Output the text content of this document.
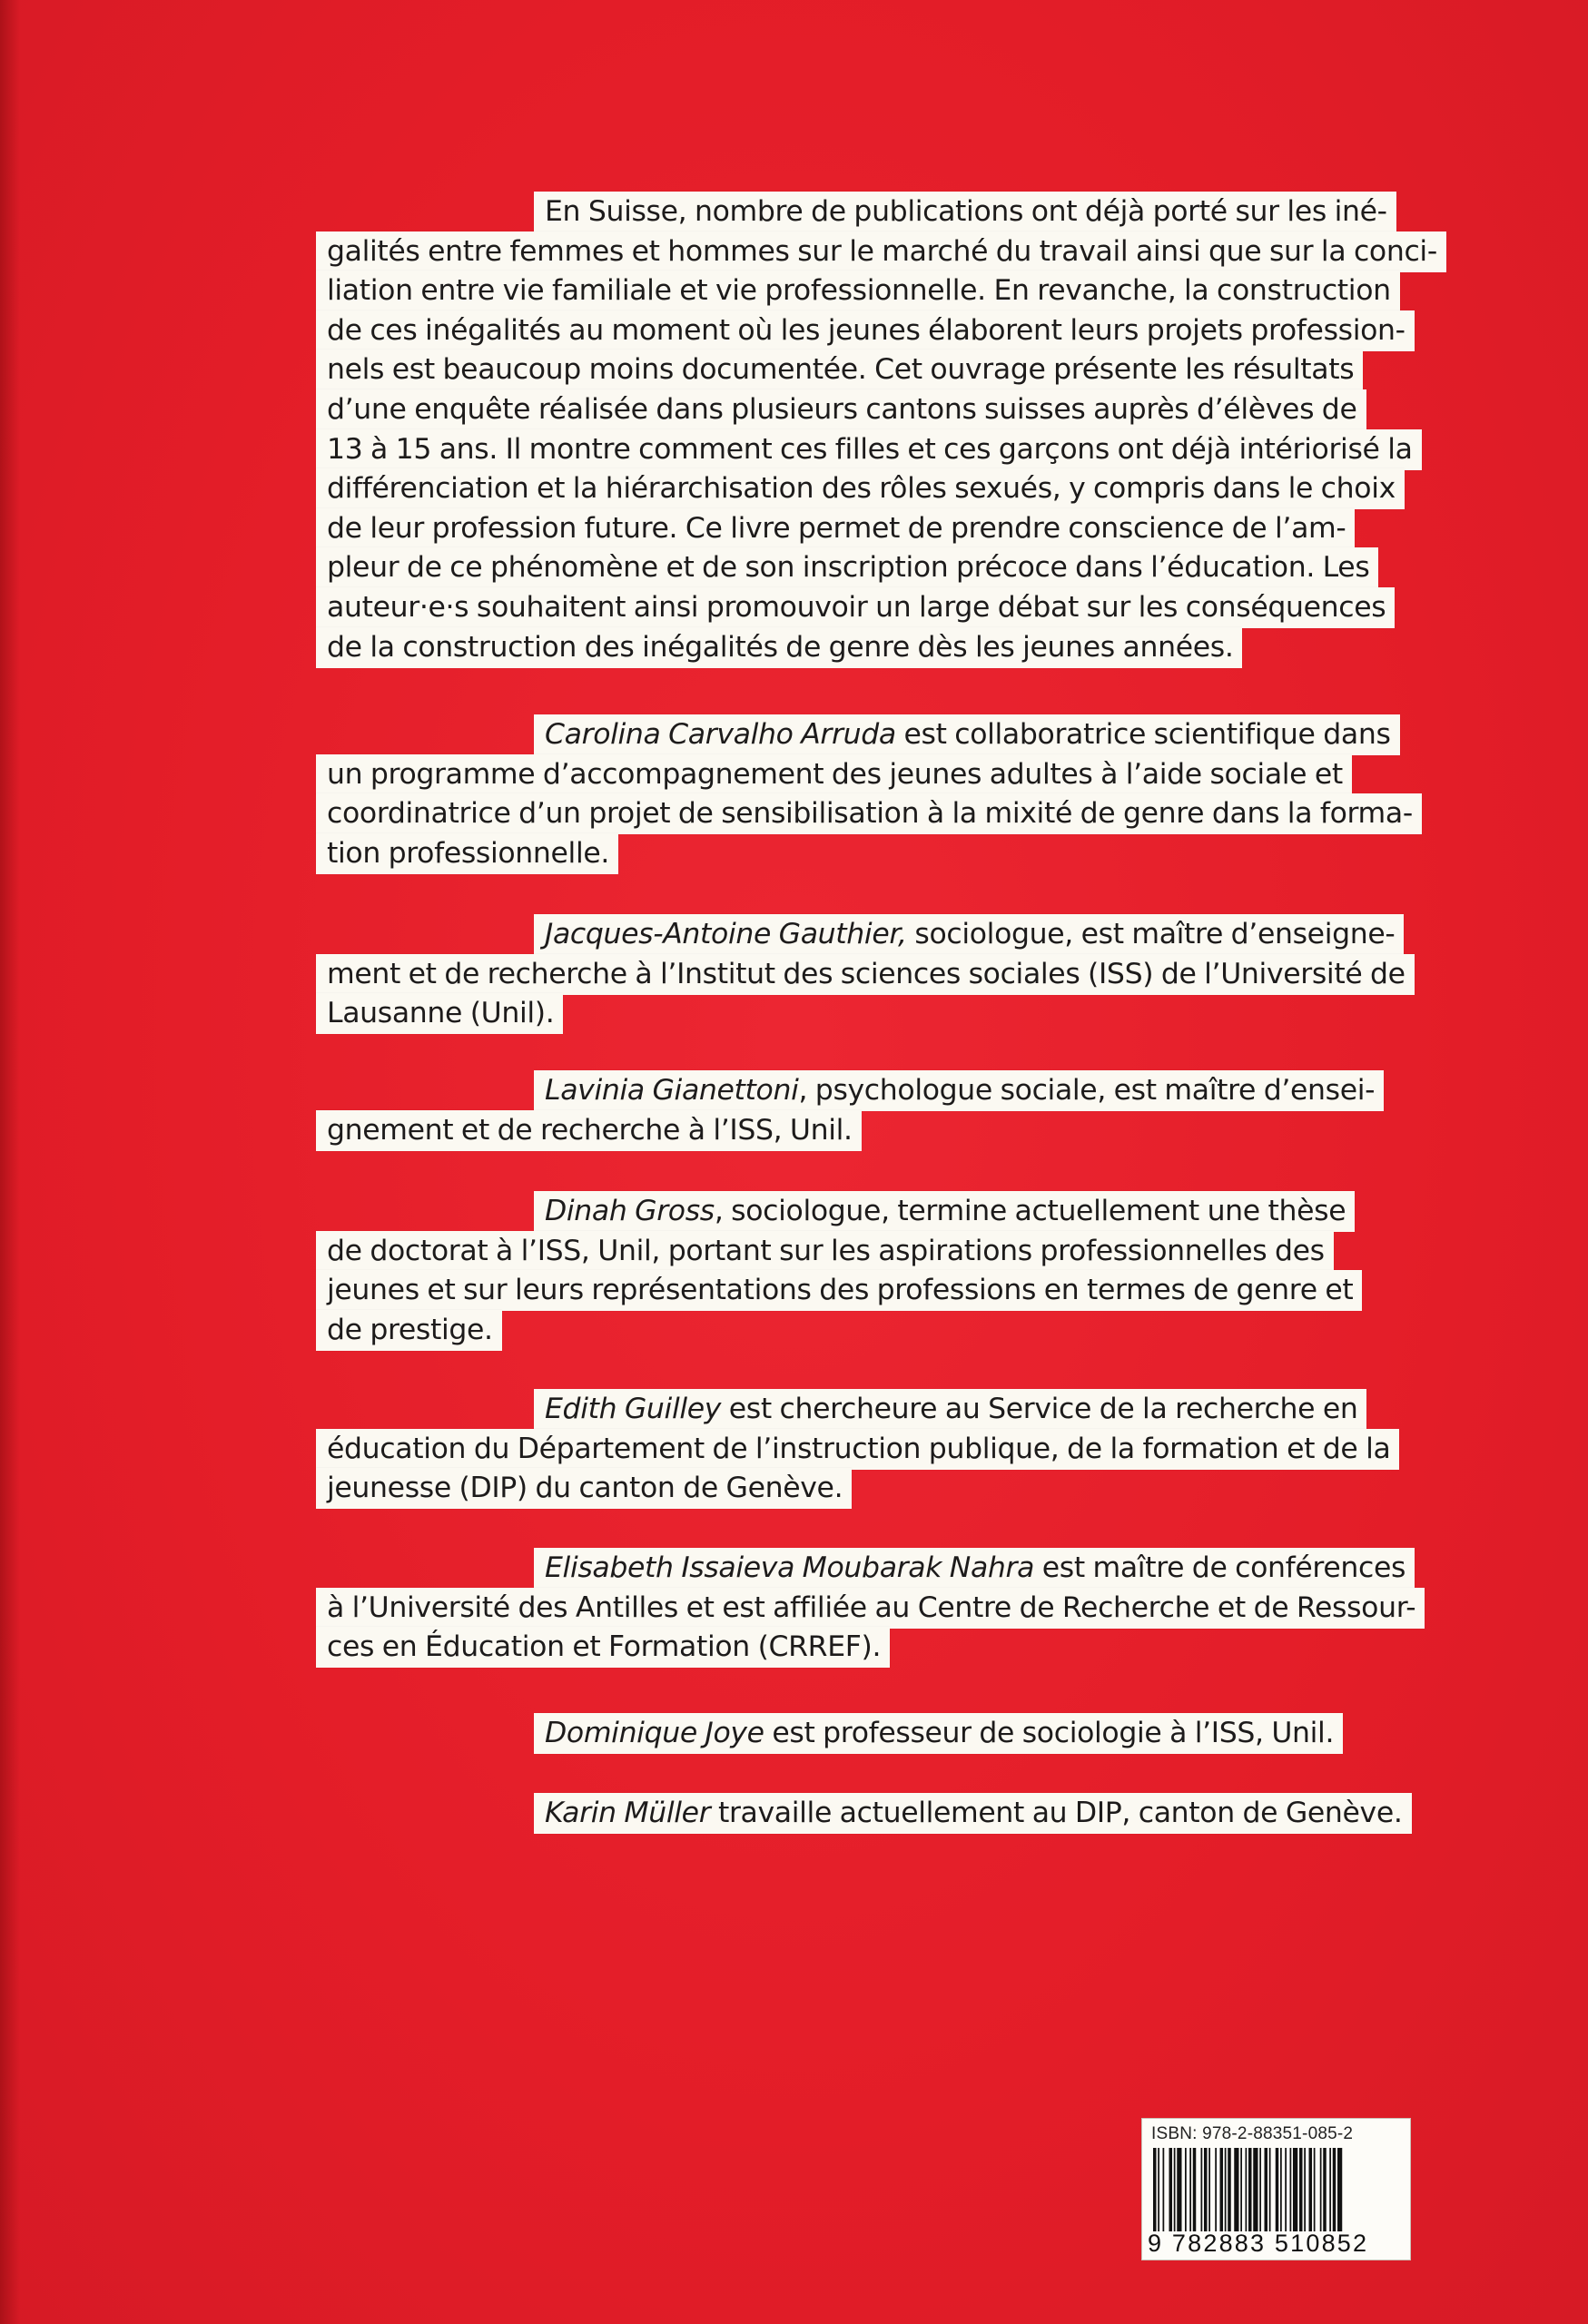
En Suisse, nombre de publications ont déjà porté sur les iné-
galités entre femmes et hommes sur le marché du travail ainsi que sur la conci-
liation entre vie familiale et vie professionnelle. En revanche, la construction
de ces inégalités au moment où les jeunes élaborent leurs projets profession-
nels est beaucoup moins documentée. Cet ouvrage présente les résultats
d’une enquête réalisée dans plusieurs cantons suisses auprès d’élèves de
13 à 15 ans. Il montre comment ces filles et ces garçons ont déjà intériorisé la
différenciation et la hiérarchisation des rôles sexués, y compris dans le choix
de leur profession future. Ce livre permet de prendre conscience de l’am-
pleur de ce phénomène et de son inscription précoce dans l’éducation. Les
auteur·e·s souhaitent ainsi promouvoir un large débat sur les conséquences
de la construction des inégalités de genre dès les jeunes années.
Carolina Carvalho Arruda est collaboratrice scientifique dans
un programme d’accompagnement des jeunes adultes à l’aide sociale et
coordinatrice d’un projet de sensibilisation à la mixité de genre dans la forma-
tion professionnelle.
Jacques-Antoine Gauthier, sociologue, est maître d’enseigne-
ment et de recherche à l’Institut des sciences sociales (ISS) de l’Université de
Lausanne (Unil).
Lavinia Gianettoni, psychologue sociale, est maître d’ensei-
gnement et de recherche à l’ISS, Unil.
Dinah Gross, sociologue, termine actuellement une thèse
de doctorat à l’ISS, Unil, portant sur les aspirations professionnelles des
jeunes et sur leurs représentations des professions en termes de genre et
de prestige.
Edith Guilley est chercheure au Service de la recherche en
éducation du Département de l’instruction publique, de la formation et de la
jeunesse (DIP) du canton de Genève.
Elisabeth Issaieva Moubarak Nahra est maître de conférences
à l’Université des Antilles et est affiliée au Centre de Recherche et de Ressour-
ces en Éducation et Formation (CRREF).
Dominique Joye est professeur de sociologie à l’ISS, Unil.
Karin Müller travaille actuellement au DIP, canton de Genève.
ISBN: 978-2-88351-085-2
9 782883 510852
